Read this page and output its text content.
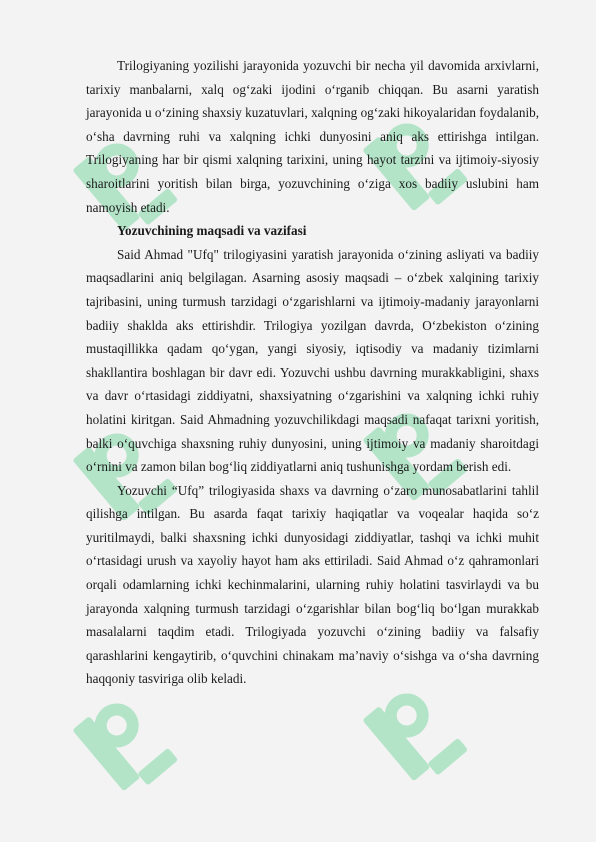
Trilogiyaning yozilishi jarayonida yozuvchi bir necha yil davomida arxivlarni, tarixiy manbalarni, xalq og‘zaki ijodini o‘rganib chiqqan. Bu asarni yaratish jarayonida u o‘zining shaxsiy kuzatuvlari, xalqning og‘zaki hikoyalaridan foydalanib, o‘sha davrning ruhi va xalqning ichki dunyosini aniq aks ettirishga intilgan. Trilogiyaning har bir qismi xalqning tarixini, uning hayot tarzini va ijtimoiy-siyosiy sharoitlarini yoritish bilan birga, yozuvchining o‘ziga xos badiiy uslubini ham namoyish etadi.

Yozuvchining maqsadi va vazifasi

Said Ahmad "Ufq" trilogiyasini yaratish jarayonida o‘zining asliyati va badiiy maqsadlarini aniq belgilagan. Asarning asosiy maqsadi – o‘zbek xalqining tarixiy tajribasini, uning turmush tarzidagi o‘zgarishlarni va ijtimoiy-madaniy jarayonlarni badiiy shaklda aks ettirishdir. Trilogiya yozilgan davrda, O‘zbekiston o‘zining mustaqillikka qadam qo‘ygan, yangi siyosiy, iqtisodiy va madaniy tizimlarni shakllantira boshlagan bir davr edi. Yozuvchi ushbu davrning murakkabligini, shaxs va davr o‘rtasidagi ziddiyatni, shaxsiyatning o‘zgarishini va xalqning ichki ruhiy holatini kiritgan. Said Ahmadning yozuvchilikdagi maqsadi nafaqat tarixni yoritish, balki o‘quvchiga shaxsning ruhiy dunyosini, uning ijtimoiy va madaniy sharoitdagi o‘rnini va zamon bilan bog‘liq ziddiyatlarni aniq tushunishga yordam berish edi.

Yozuvchi “Ufq” trilogiyasida shaxs va davrning o‘zaro munosabatlarini tahlil qilishga intilgan. Bu asarda faqat tarixiy haqiqatlar va voqealar haqida so‘z yuritilmaydi, balki shaxsning ichki dunyosidagi ziddiyatlar, tashqi va ichki muhit o‘rtasidagi urush va xayoliy hayot ham aks ettiriladi. Said Ahmad o‘z qahramonlari orqali odamlarning ichki kechinmalarini, ularning ruhiy holatini tasvirlaydi va bu jarayonda xalqning turmush tarzidagi o‘zgarishlar bilan bog‘liq bo‘lgan murakkab masalalarni taqdim etadi. Trilogiyada yozuvchi o‘zining badiiy va falsafiy qarashlarini kengaytirib, o‘quvchini chinakam ma’naviy o‘sishga va o‘sha davrning haqqoniy tasviriga olib keladi.
